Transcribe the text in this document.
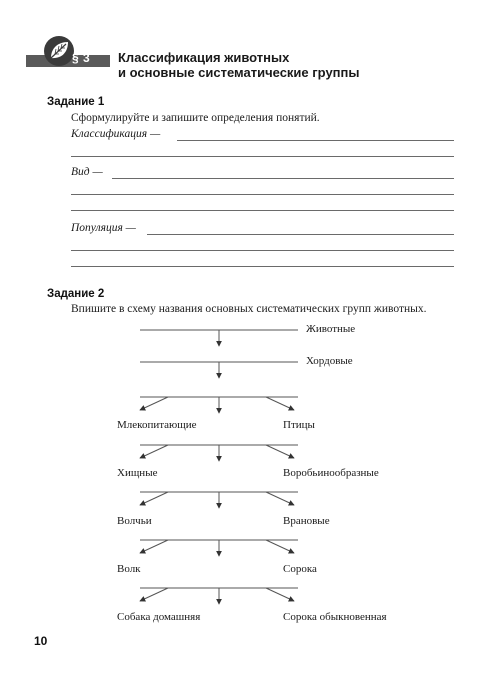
§ 3 Классификация животных
и основные систематические группы
Задание 1
Сформулируйте и запишите определения понятий.
Классификация —
Вид —
Популяция —
Задание 2
Впишите в схему названия основных систематических групп животных.
Животные
Хордовые
Млекопитающие	Птицы
Хищные	Воробьинообразные
Волчьи	Врановые
Волк	Сорока
Собака домашняя	Сорока обыкновенная
10
